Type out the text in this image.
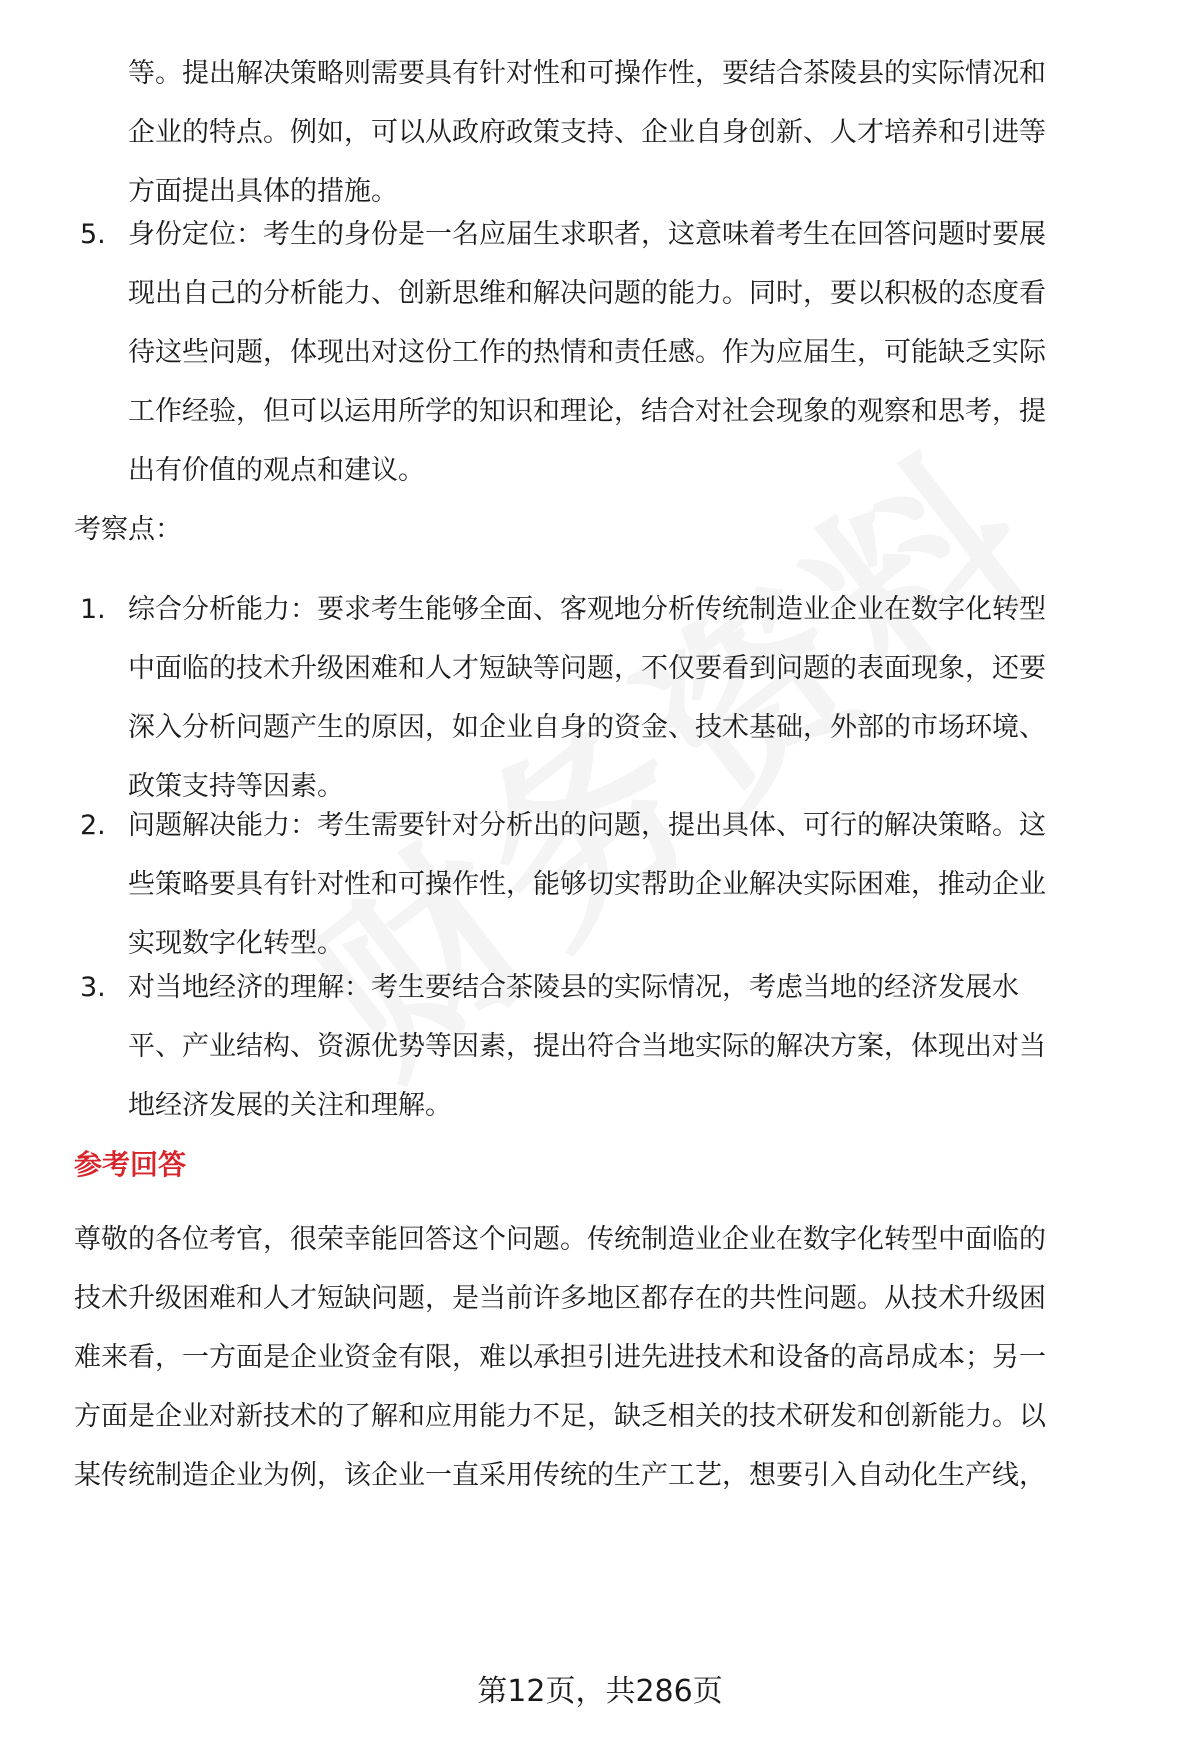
等。提出解决策略则需要具有针对性和可操作性，要结合茶陵县的实际情况和
企业的特点。例如，可以从政府政策支持、企业自身创新、人才培养和引进等
方面提出具体的措施。
5. 身份定位：考生的身份是一名应届生求职者，这意味着考生在回答问题时要展
现出自己的分析能力、创新思维和解决问题的能力。同时，要以积极的态度看
待这些问题，体现出对这份工作的热情和责任感。作为应届生，可能缺乏实际
工作经验，但可以运用所学的知识和理论，结合对社会现象的观察和思考，提
出有价值的观点和建议。
考察点：
1. 综合分析能力：要求考生能够全面、客观地分析传统制造业企业在数字化转型
中面临的技术升级困难和人才短缺等问题，不仅要看到问题的表面现象，还要
深入分析问题产生的原因，如企业自身的资金、技术基础，外部的市场环境、
政策支持等因素。
2. 问题解决能力：考生需要针对分析出的问题，提出具体、可行的解决策略。这
些策略要具有针对性和可操作性，能够切实帮助企业解决实际困难，推动企业
实现数字化转型。
3. 对当地经济的理解：考生要结合茶陵县的实际情况，考虑当地的经济发展水
平、产业结构、资源优势等因素，提出符合当地实际的解决方案，体现出对当
地经济发展的关注和理解。
参考回答
尊敬的各位考官，很荣幸能回答这个问题。传统制造业企业在数字化转型中面临的
技术升级困难和人才短缺问题，是当前许多地区都存在的共性问题。从技术升级困
难来看，一方面是企业资金有限，难以承担引进先进技术和设备的高昂成本；另一
方面是企业对新技术的了解和应用能力不足，缺乏相关的技术研发和创新能力。以
某传统制造企业为例，该企业一直采用传统的生产工艺，想要引入自动化生产线，
第12页，共286页
